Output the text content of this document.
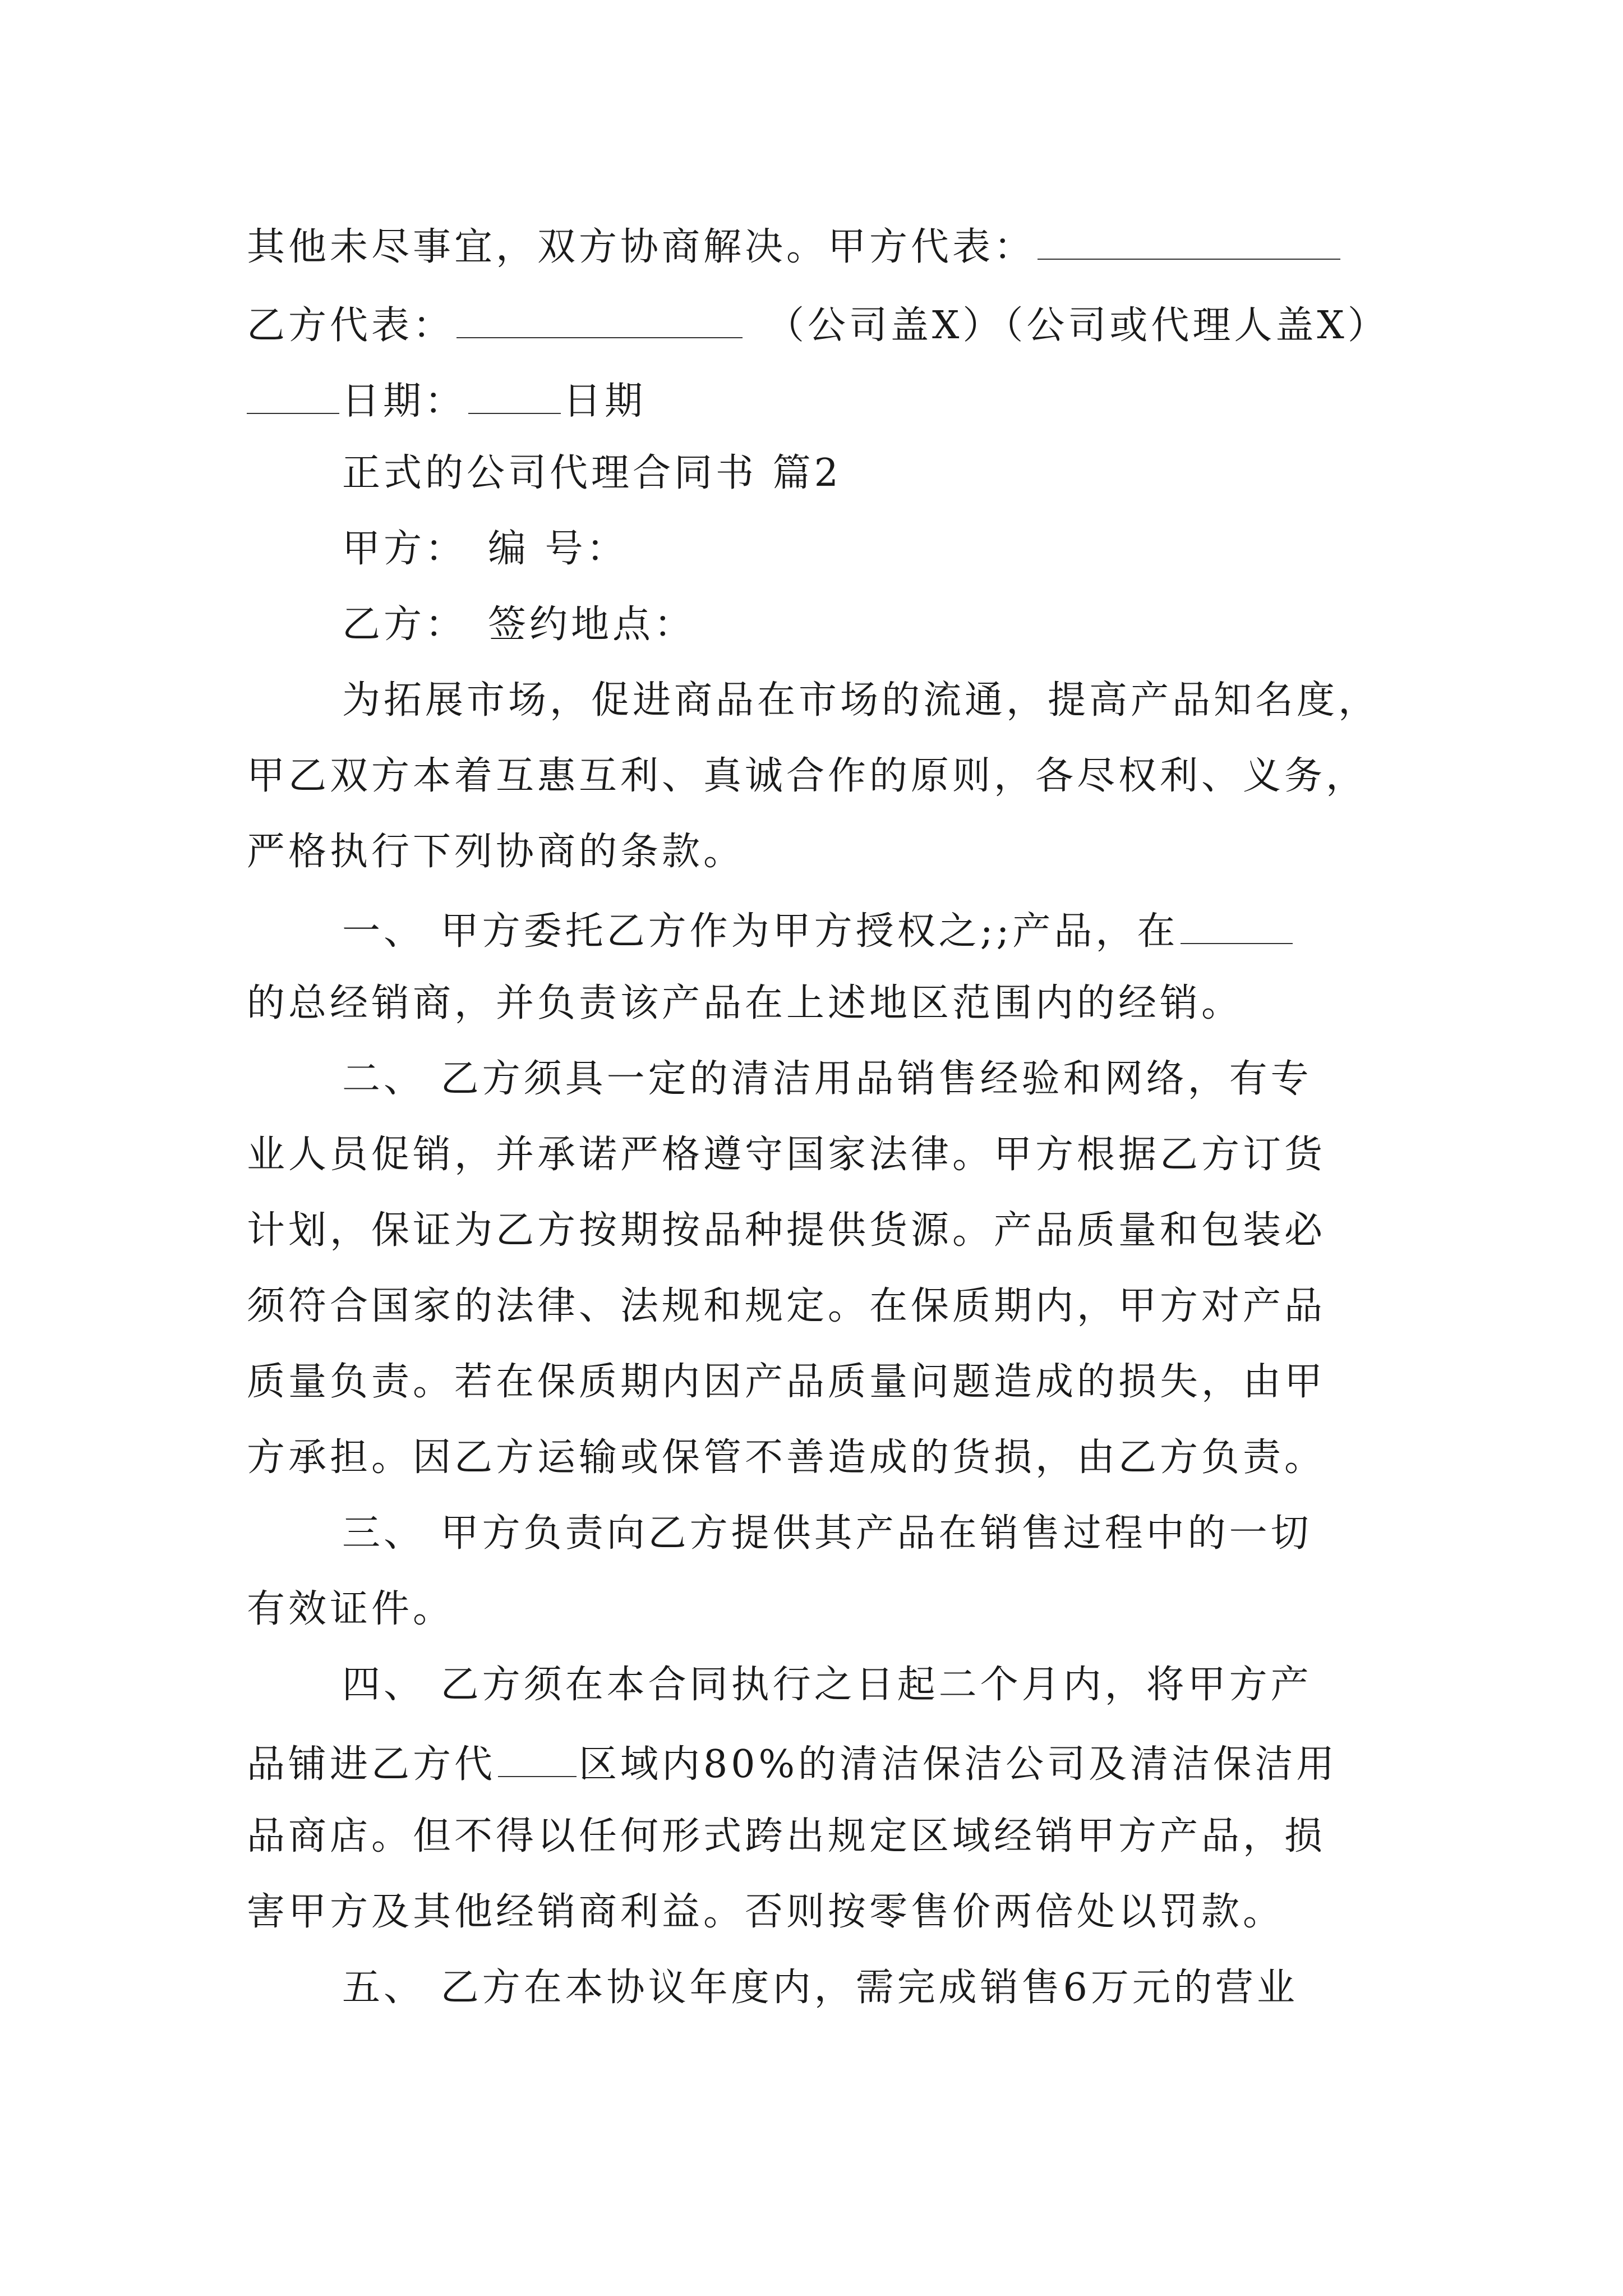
其他未尽事宜，双方协商解决。甲方代表：
乙方代表：	（公司盖X）（公司或代理人盖X）
日期：	日期
正式的公司代理合同书 篇2
甲方： 编 号：
乙方： 签约地点：
为拓展市场，促进商品在市场的流通，提高产品知名度，
甲乙双方本着互惠互利、真诚合作的原则，各尽权利、义务，
严格执行下列协商的条款。
一、 甲方委托乙方作为甲方授权之;;产品，在
的总经销商，并负责该产品在上述地区范围内的经销。
二、 乙方须具一定的清洁用品销售经验和网络，有专
业人员促销，并承诺严格遵守国家法律。甲方根据乙方订货
计划，保证为乙方按期按品种提供货源。产品质量和包装必
须符合国家的法律、法规和规定。在保质期内，甲方对产品
质量负责。若在保质期内因产品质量问题造成的损失，由甲
方承担。因乙方运输或保管不善造成的货损，由乙方负责。
三、 甲方负责向乙方提供其产品在销售过程中的一切
有效证件。
四、 乙方须在本合同执行之日起二个月内，将甲方产
品铺进乙方代 区域内80%的清洁保洁公司及清洁保洁用
品商店。但不得以任何形式跨出规定区域经销甲方产品，损
害甲方及其他经销商利益。否则按零售价两倍处以罚款。
五、 乙方在本协议年度内，需完成销售6万元的营业
